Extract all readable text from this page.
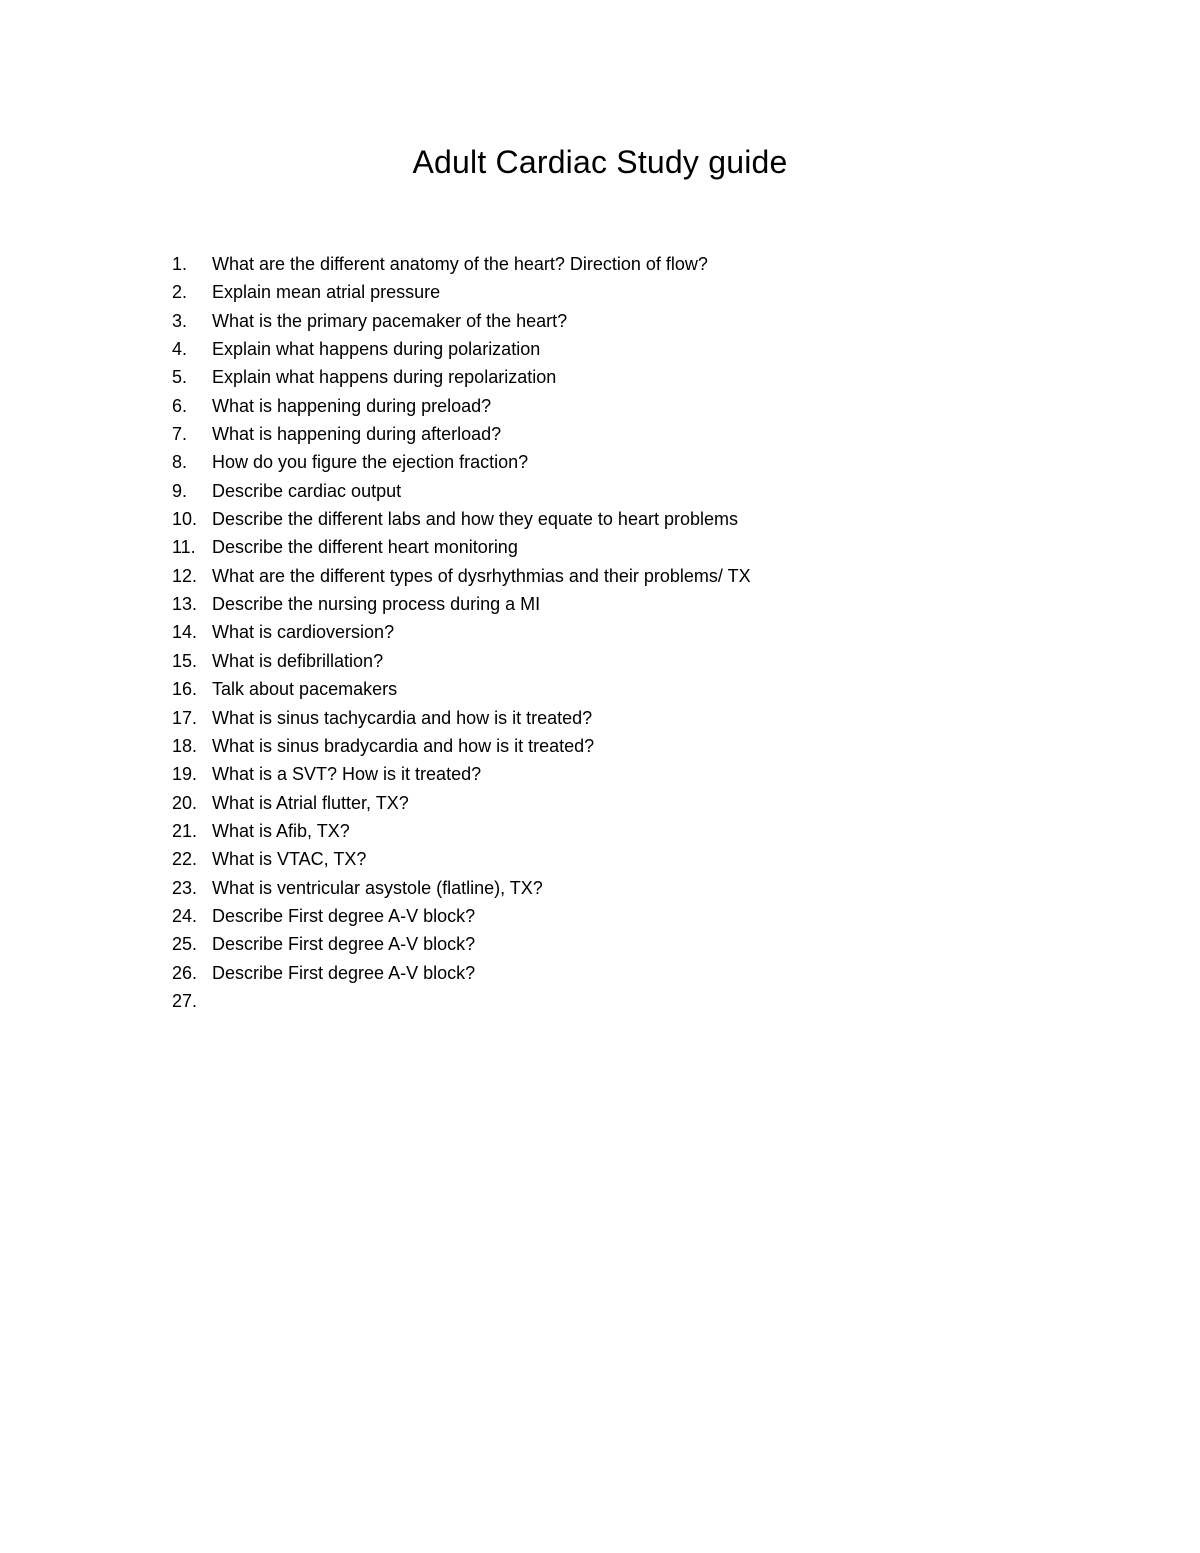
Adult Cardiac Study guide
1.	What are the different anatomy of the heart? Direction of flow?
2.	Explain mean atrial pressure
3.	What is the primary pacemaker of the heart?
4.	Explain what happens during polarization
5.	Explain what happens during repolarization
6.	What is happening during preload?
7.	What is happening during afterload?
8.	How do you figure the ejection fraction?
9.	Describe cardiac output
10. Describe the different labs and how they equate to heart problems
11. Describe the different heart monitoring
12. What are the different types of dysrhythmias and their problems/ TX
13. Describe the nursing process during a MI
14. What is cardioversion?
15. What is defibrillation?
16. Talk about pacemakers
17. What is sinus tachycardia and how is it treated?
18. What is sinus bradycardia and how is it treated?
19. What is a SVT? How is it treated?
20. What is Atrial flutter, TX?
21. What is Afib, TX?
22. What is VTAC, TX?
23. What is ventricular asystole (flatline), TX?
24. Describe First degree A-V block?
25. Describe First degree A-V block?
26. Describe First degree A-V block?
27.
